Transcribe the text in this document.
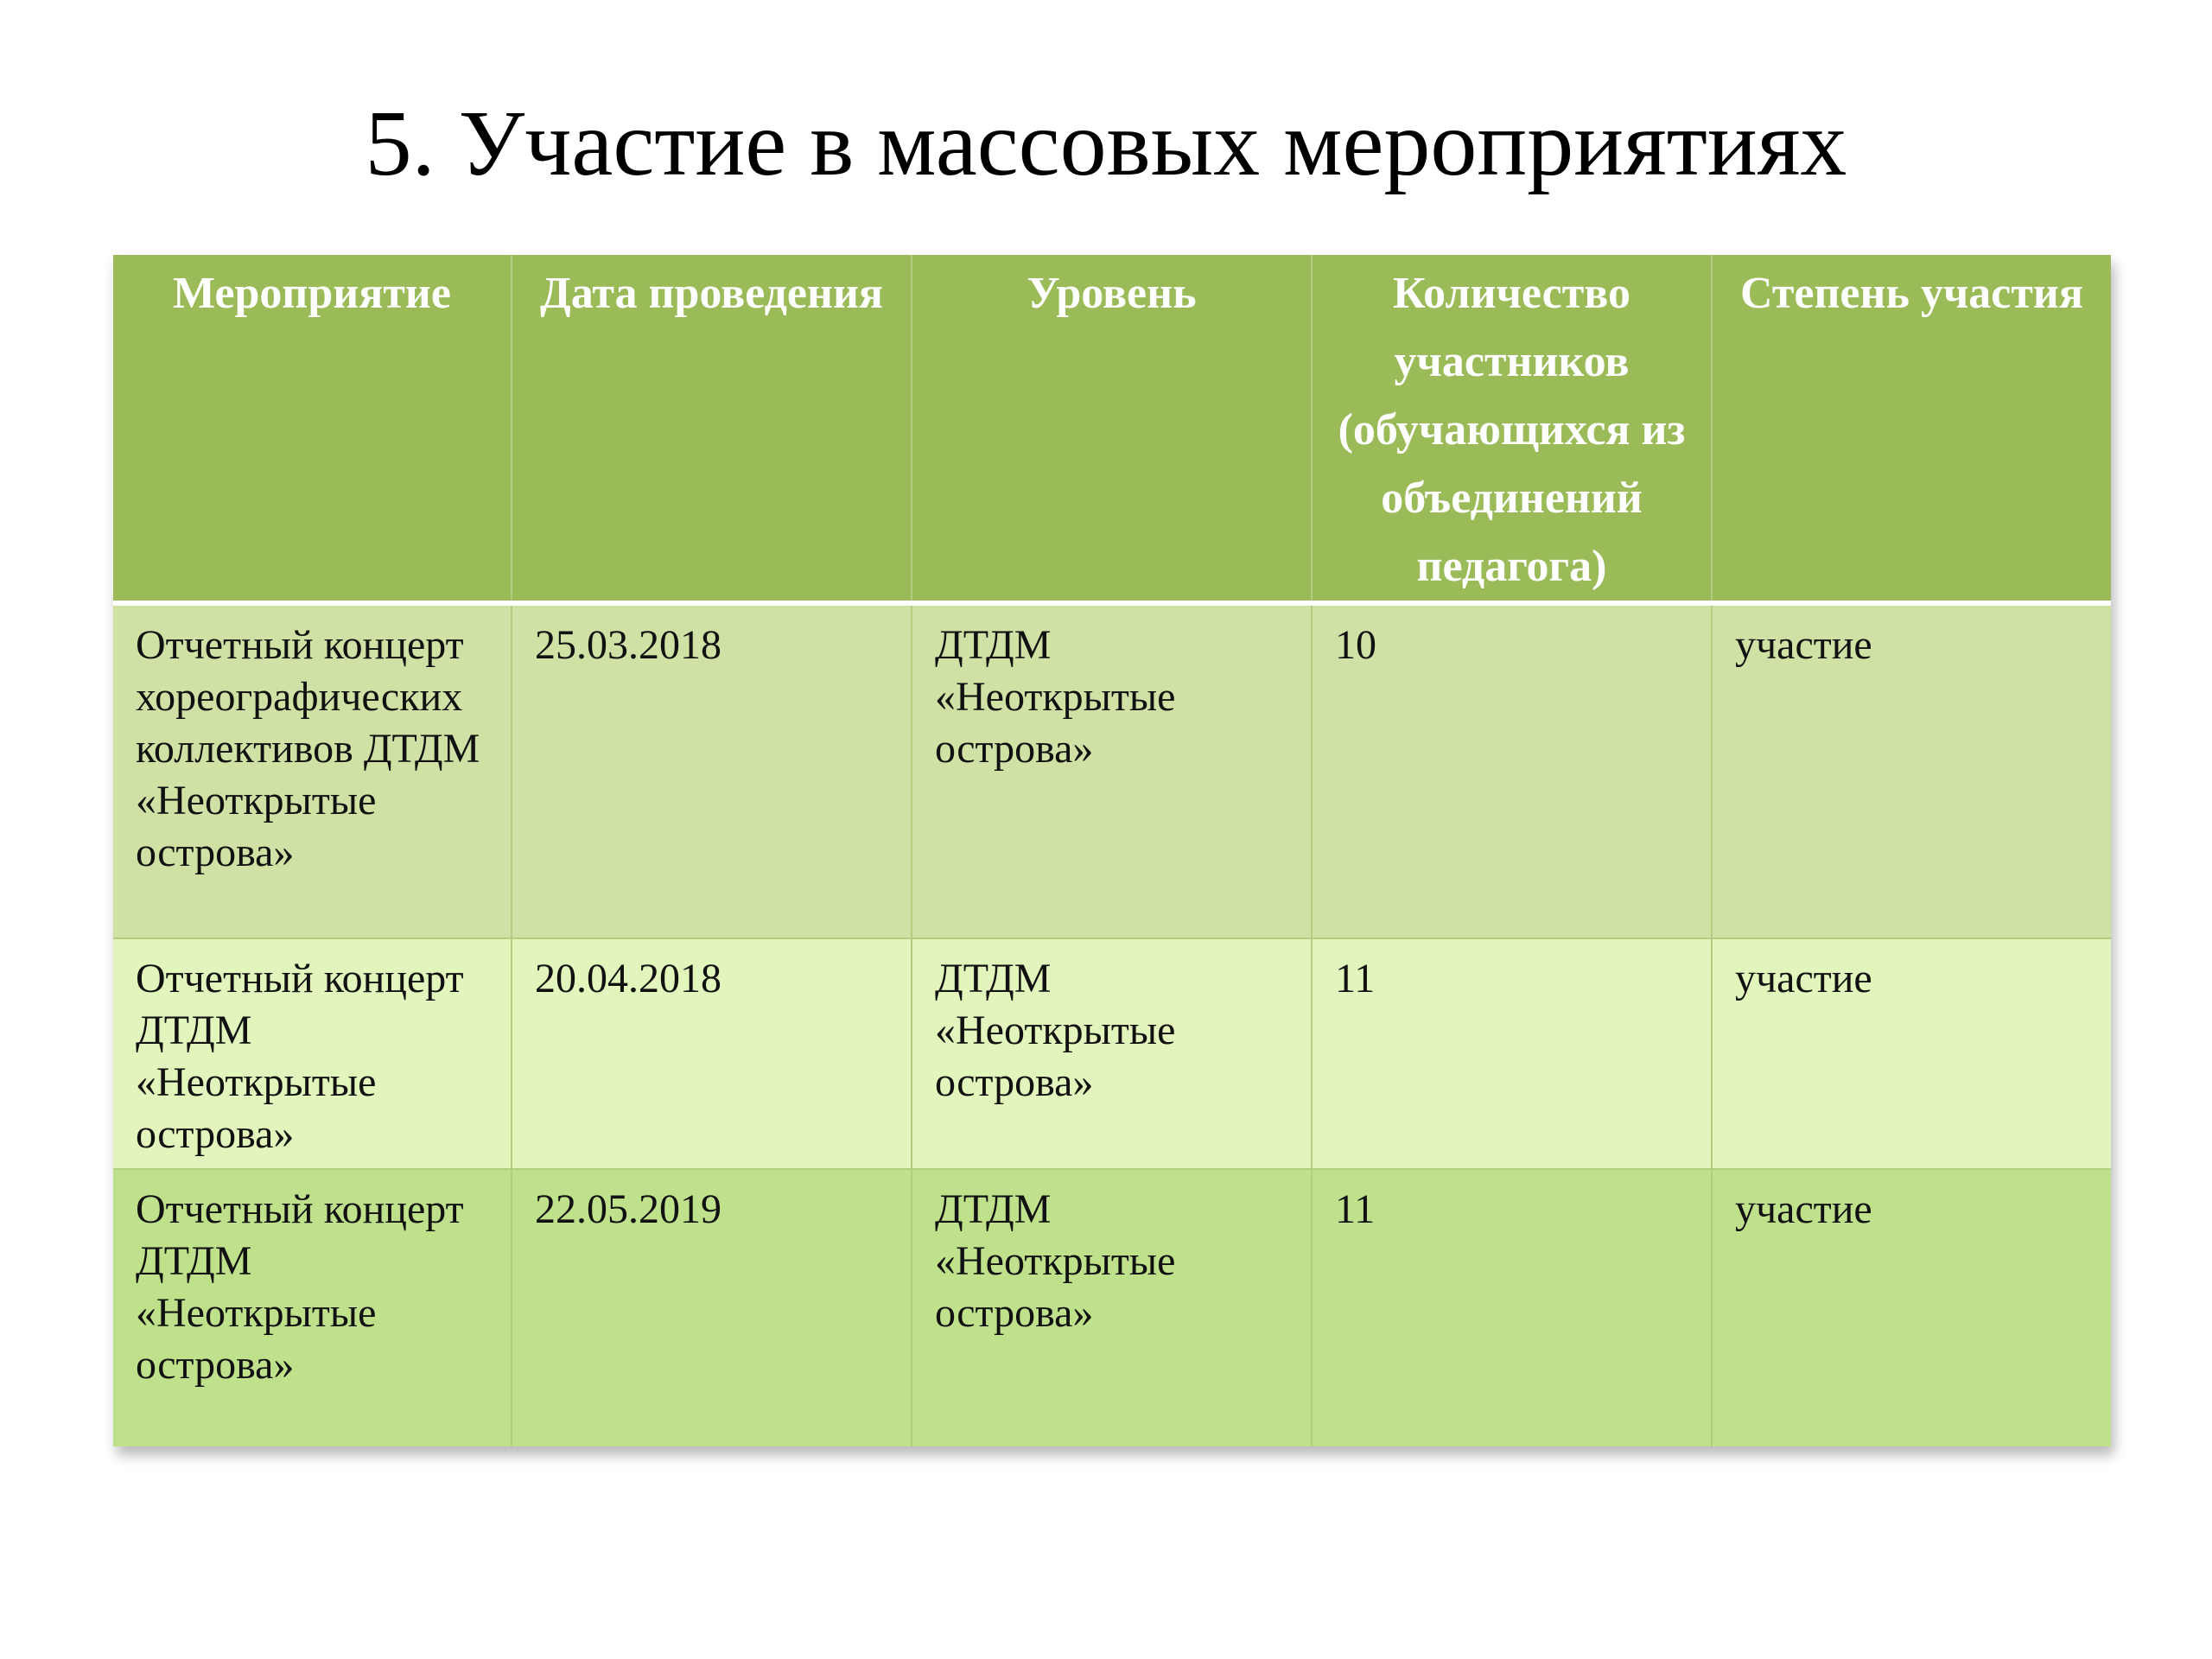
5. Участие в массовых мероприятиях
Мероприятие	Дата проведения	Уровень	Количество участников (обучающихся из объединений педагога)	Степень участия
Отчетный концерт хореографических коллективов ДТДМ «Неоткрытые острова»	25.03.2018	ДТДМ «Неоткрытые острова»	10	участие
Отчетный концерт ДТДМ «Неоткрытые острова»	20.04.2018	ДТДМ «Неоткрытые острова»	11	участие
Отчетный концерт ДТДМ «Неоткрытые острова»	22.05.2019	ДТДМ «Неоткрытые острова»	11	участие
